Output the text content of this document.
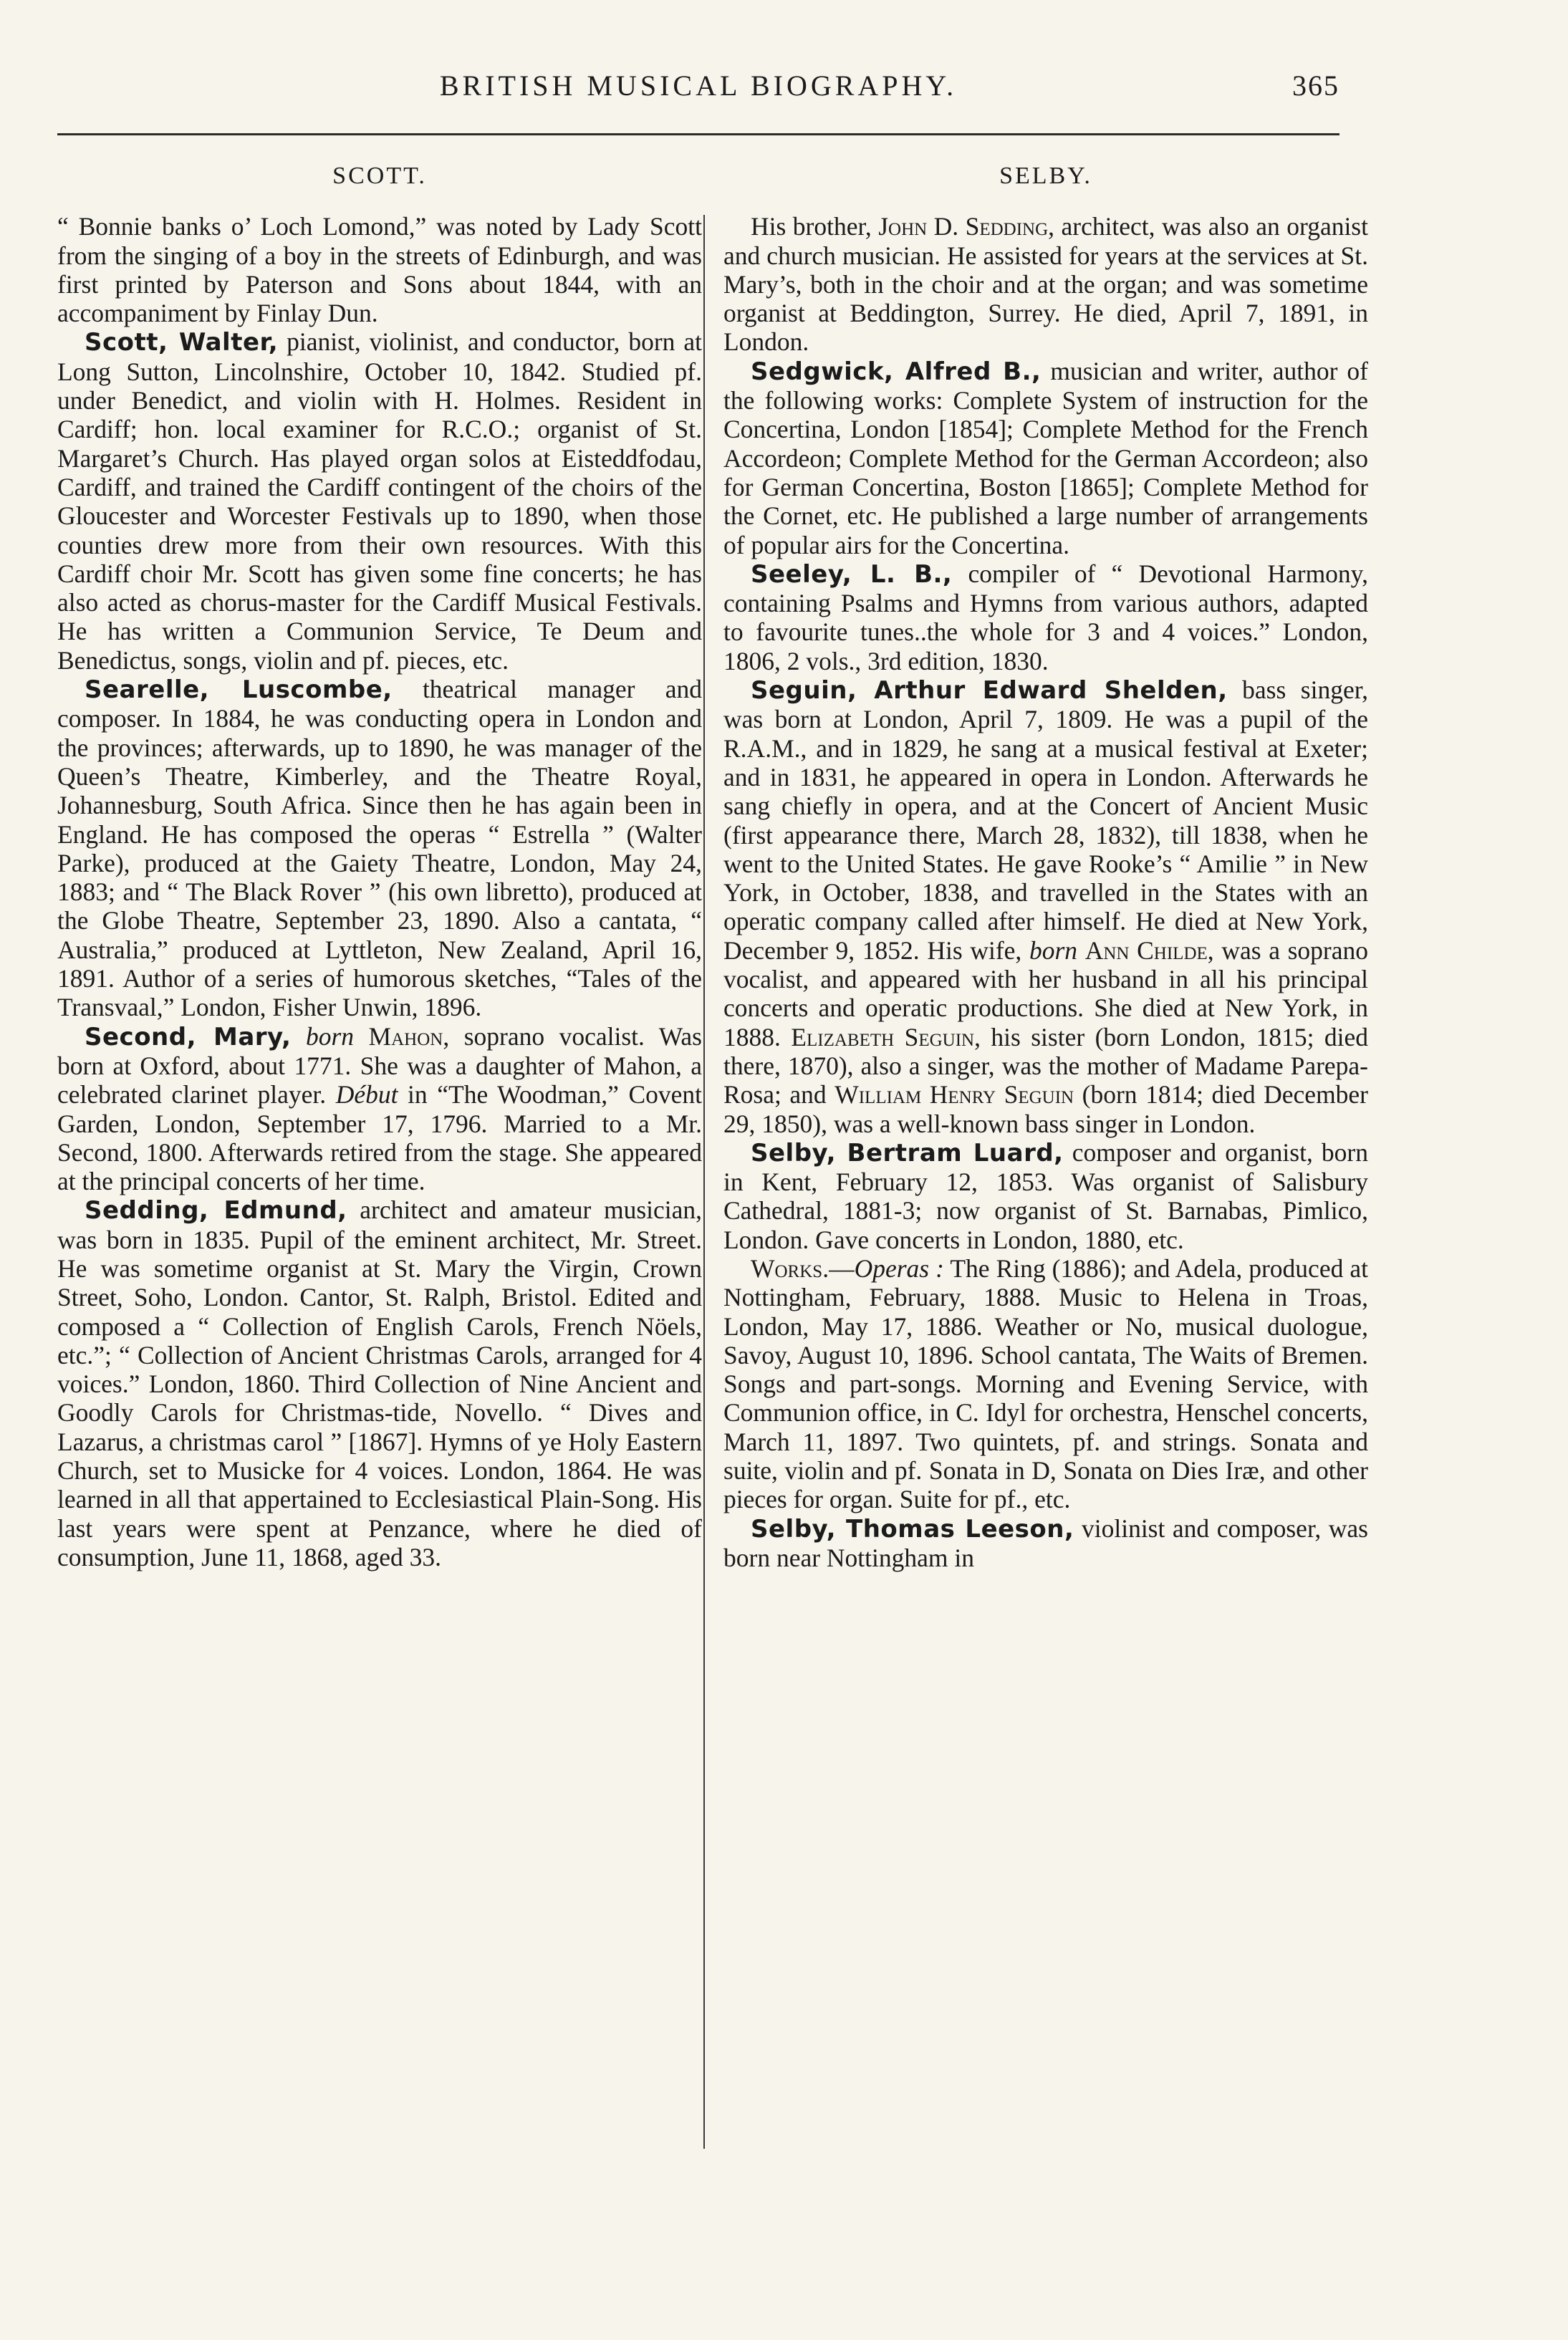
BRITISH MUSICAL BIOGRAPHY.	365
SCOTT.

“ Bonnie banks o’ Loch Lomond,” was noted by Lady Scott from the singing of a boy in the streets of Edinburgh, and was first printed by Paterson and Sons about 1844, with an accompaniment by Finlay Dun.

Scott, Walter, pianist, violinist, and conductor, born at Long Sutton, Lincolnshire, October 10, 1842. Studied pf. under Benedict, and violin with H. Holmes. Resident in Cardiff; hon. local examiner for R.C.O.; organist of St. Margaret’s Church. Has played organ solos at Eisteddfodau, Cardiff, and trained the Cardiff contingent of the choirs of the Gloucester and Worcester Festivals up to 1890, when those counties drew more from their own resources. With this Cardiff choir Mr. Scott has given some fine concerts; he has also acted as chorus-master for the Cardiff Musical Festivals. He has written a Communion Service, Te Deum and Benedictus, songs, violin and pf. pieces, etc.

Searelle, Luscombe, theatrical manager and composer. In 1884, he was conducting opera in London and the provinces; afterwards, up to 1890, he was manager of the Queen’s Theatre, Kimberley, and the Theatre Royal, Johannesburg, South Africa. Since then he has again been in England. He has composed the operas “ Estrella ” (Walter Parke), produced at the Gaiety Theatre, London, May 24, 1883; and “ The Black Rover ” (his own libretto), produced at the Globe Theatre, September 23, 1890. Also a cantata, “ Australia,” produced at Lyttleton, New Zealand, April 16, 1891. Author of a series of humorous sketches, “Tales of the Transvaal,” London, Fisher Unwin, 1896.

Second, Mary, born Mahon, soprano vocalist. Was born at Oxford, about 1771. She was a daughter of Mahon, a celebrated clarinet player. Début in “The Woodman,” Covent Garden, London, September 17, 1796. Married to a Mr. Second, 1800. Afterwards retired from the stage. She appeared at the principal concerts of her time.

Sedding, Edmund, architect and amateur musician, was born in 1835. Pupil of the eminent architect, Mr. Street. He was sometime organist at St. Mary the Virgin, Crown Street, Soho, London. Cantor, St. Ralph, Bristol. Edited and composed a “ Collection of English Carols, French Nöels, etc.”; “ Collection of Ancient Christmas Carols, arranged for 4 voices.” London, 1860. Third Collection of Nine Ancient and Goodly Carols for Christmas-tide, Novello. “ Dives and Lazarus, a christmas carol ” [1867]. Hymns of ye Holy Eastern Church, set to Musicke for 4 voices. London, 1864. He was learned in all that appertained to Ecclesiastical Plain-Song. His last years were spent at Penzance, where he died of consumption, June 11, 1868, aged 33.

SELBY.

His brother, John D. Sedding, architect, was also an organist and church musician. He assisted for years at the services at St. Mary’s, both in the choir and at the organ; and was sometime organist at Beddington, Surrey. He died, April 7, 1891, in London.

Sedgwick, Alfred B., musician and writer, author of the following works: Complete System of instruction for the Concertina, London [1854]; Complete Method for the French Accordeon; Complete Method for the German Accordeon; also for German Concertina, Boston [1865]; Complete Method for the Cornet, etc. He published a large number of arrangements of popular airs for the Concertina.

Seeley, L. B., compiler of “ Devotional Harmony, containing Psalms and Hymns from various authors, adapted to favourite tunes..the whole for 3 and 4 voices.” London, 1806, 2 vols., 3rd edition, 1830.

Seguin, Arthur Edward Shelden, bass singer, was born at London, April 7, 1809. He was a pupil of the R.A.M., and in 1829, he sang at a musical festival at Exeter; and in 1831, he appeared in opera in London. Afterwards he sang chiefly in opera, and at the Concert of Ancient Music (first appearance there, March 28, 1832), till 1838, when he went to the United States. He gave Rooke’s “ Amilie ” in New York, in October, 1838, and travelled in the States with an operatic company called after himself. He died at New York, December 9, 1852. His wife, born Ann Childe, was a soprano vocalist, and appeared with her husband in all his principal concerts and operatic productions. She died at New York, in 1888. Elizabeth Seguin, his sister (born London, 1815; died there, 1870), also a singer, was the mother of Madame Parepa-Rosa; and William Henry Seguin (born 1814; died December 29, 1850), was a well-known bass singer in London.

Selby, Bertram Luard, composer and organist, born in Kent, February 12, 1853. Was organist of Salisbury Cathedral, 1881-3; now organist of St. Barnabas, Pimlico, London. Gave concerts in London, 1880, etc.

Works.—Operas : The Ring (1886); and Adela, produced at Nottingham, February, 1888. Music to Helena in Troas, London, May 17, 1886. Weather or No, musical duologue, Savoy, August 10, 1896. School cantata, The Waits of Bremen. Songs and part-songs. Morning and Evening Service, with Communion office, in C. Idyl for orchestra, Henschel concerts, March 11, 1897. Two quintets, pf. and strings. Sonata and suite, violin and pf. Sonata in D, Sonata on Dies Iræ, and other pieces for organ. Suite for pf., etc.

Selby, Thomas Leeson, violinist and composer, was born near Nottingham in
